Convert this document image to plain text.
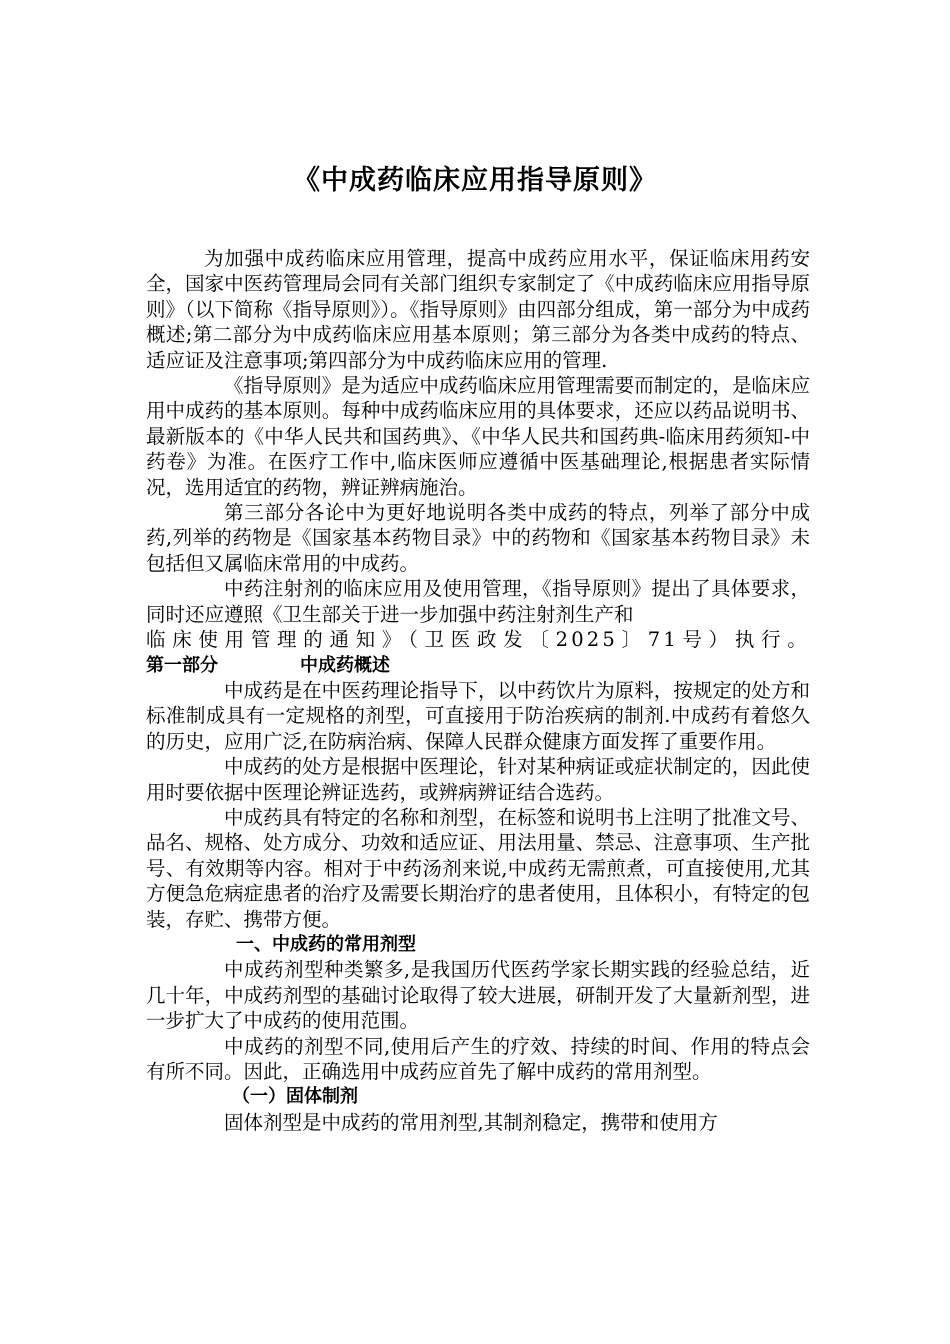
《中成药临床应用指导原则》

为加强中成药临床应用管理，提高中成药应用水平，保证临床用药安全，国家中医药管理局会同有关部门组织专家制定了《中成药临床应用指导原则》（以下简称《指导原则》）。《指导原则》由四部分组成，第一部分为中成药概述;第二部分为中成药临床应用基本原则；第三部分为各类中成药的特点、适应证及注意事项;第四部分为中成药临床应用的管理.

《指导原则》是为适应中成药临床应用管理需要而制定的，是临床应用中成药的基本原则。每种中成药临床应用的具体要求，还应以药品说明书、最新版本的《中华人民共和国药典》、《中华人民共和国药典-临床用药须知-中药卷》为准。在医疗工作中,临床医师应遵循中医基础理论,根据患者实际情况，选用适宜的药物，辨证辨病施治。

第三部分各论中为更好地说明各类中成药的特点，列举了部分中成药,列举的药物是《国家基本药物目录》中的药物和《国家基本药物目录》未包括但又属临床常用的中成药。

中药注射剂的临床应用及使用管理，《指导原则》提出了具体要求，同时还应遵照《卫生部关于进一步加强中药注射剂生产和

临床使用管理的通知》（卫医政发〔2025〕71号）执行。

第一部分	中成药概述

中成药是在中医药理论指导下，以中药饮片为原料，按规定的处方和标准制成具有一定规格的剂型，可直接用于防治疾病的制剂.中成药有着悠久的历史，应用广泛,在防病治病、保障人民群众健康方面发挥了重要作用。

中成药的处方是根据中医理论，针对某种病证或症状制定的，因此使用时要依据中医理论辨证选药，或辨病辨证结合选药。

中成药具有特定的名称和剂型，在标签和说明书上注明了批准文号、品名、规格、处方成分、功效和适应证、用法用量、禁忌、注意事项、生产批号、有效期等内容。相对于中药汤剂来说,中成药无需煎煮，可直接使用,尤其方便急危病症患者的治疗及需要长期治疗的患者使用，且体积小，有特定的包装，存贮、携带方便。

一、中成药的常用剂型

中成药剂型种类繁多,是我国历代医药学家长期实践的经验总结，近几十年，中成药剂型的基础讨论取得了较大进展，研制开发了大量新剂型，进一步扩大了中成药的使用范围。

中成药的剂型不同,使用后产生的疗效、持续的时间、作用的特点会有所不同。因此，正确选用中成药应首先了解中成药的常用剂型。

（一）固体制剂

固体剂型是中成药的常用剂型,其制剂稳定，携带和使用方
